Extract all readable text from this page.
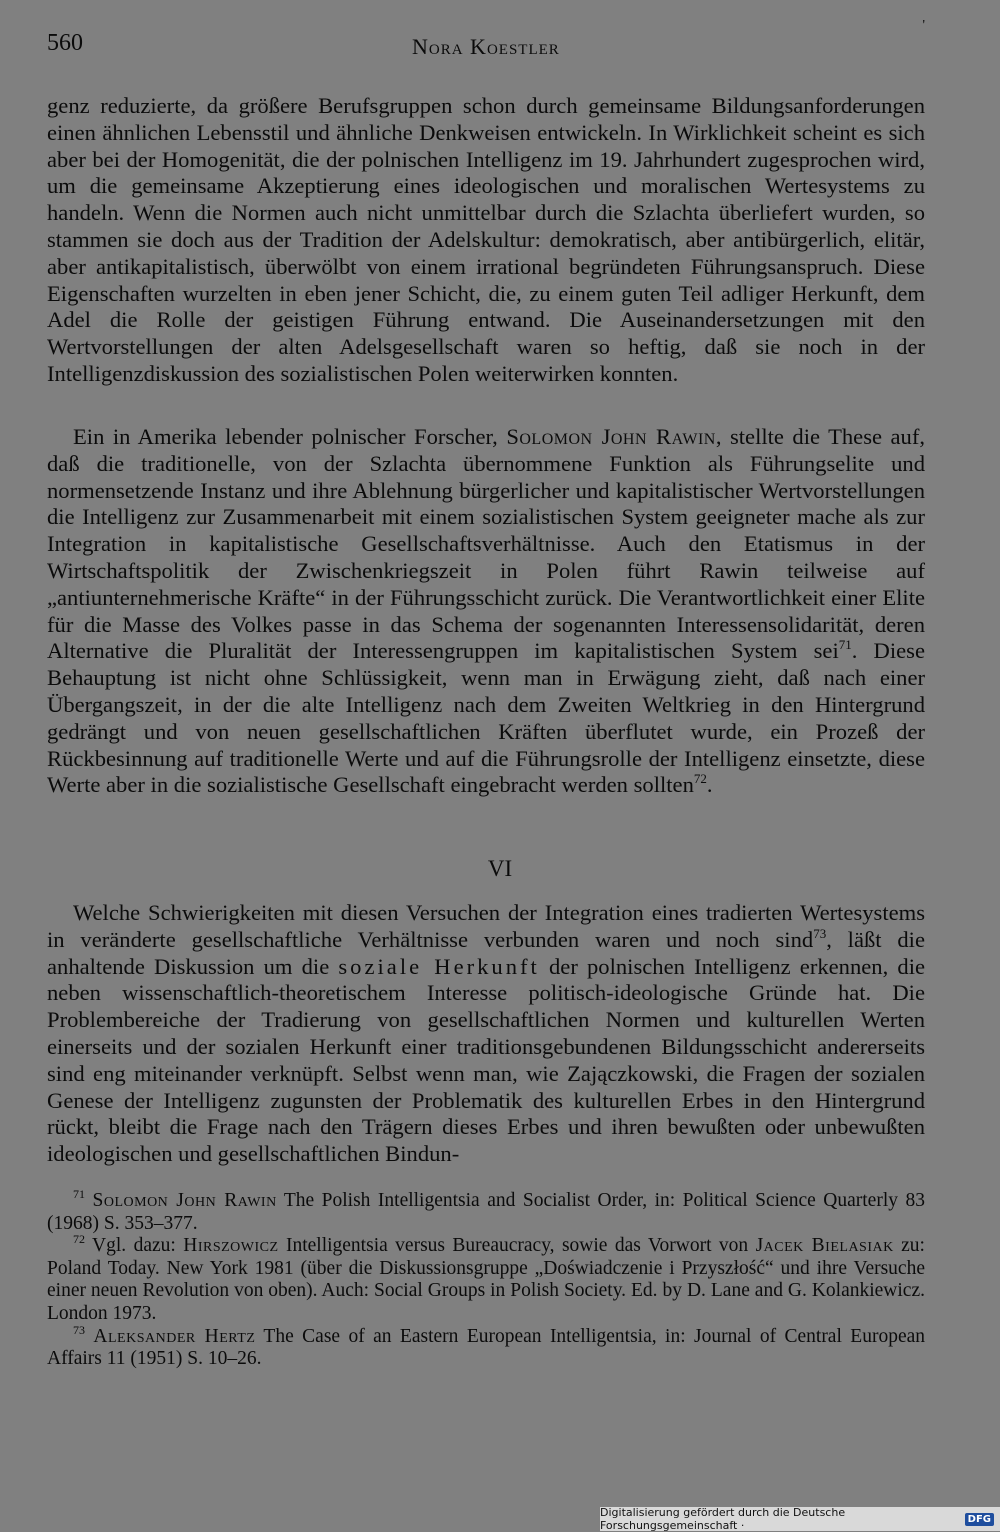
560	Nora Koestler
'

genz reduzierte, da größere Berufsgruppen schon durch gemeinsame Bildungsanforderungen einen ähnlichen Lebensstil und ähnliche Denkweisen entwickeln. In Wirklichkeit scheint es sich aber bei der Homogenität, die der polnischen Intelligenz im 19. Jahrhundert zugesprochen wird, um die gemeinsame Akzeptierung eines ideologischen und moralischen Wertesystems zu handeln. Wenn die Normen auch nicht unmittelbar durch die Szlachta überliefert wurden, so stammen sie doch aus der Tradition der Adelskultur: demokratisch, aber antibürgerlich, elitär, aber antikapitalistisch, überwölbt von einem irrational begründeten Führungsanspruch. Diese Eigenschaften wurzelten in eben jener Schicht, die, zu einem guten Teil adliger Herkunft, dem Adel die Rolle der geistigen Führung entwand. Die Auseinandersetzungen mit den Wertvorstellungen der alten Adelsgesellschaft waren so heftig, daß sie noch in der Intelligenzdiskussion des sozialistischen Polen weiterwirken konnten.

Ein in Amerika lebender polnischer Forscher, Solomon John Rawin, stellte die These auf, daß die traditionelle, von der Szlachta übernommene Funktion als Führungselite und normensetzende Instanz und ihre Ablehnung bürgerlicher und kapitalistischer Wertvorstellungen die Intelligenz zur Zusammenarbeit mit einem sozialistischen System geeigneter mache als zur Integration in kapitalistische Gesellschaftsverhältnisse. Auch den Etatismus in der Wirtschaftspolitik der Zwischenkriegszeit in Polen führt Rawin teilweise auf „antiunternehmerische Kräfte“ in der Führungsschicht zurück. Die Verantwortlichkeit einer Elite für die Masse des Volkes passe in das Schema der sogenannten Interessensolidarität, deren Alternative die Pluralität der Interessengruppen im kapitalistischen System sei$^{71}$. Diese Behauptung ist nicht ohne Schlüssigkeit, wenn man in Erwägung zieht, daß nach einer Übergangszeit, in der die alte Intelligenz nach dem Zweiten Weltkrieg in den Hintergrund gedrängt und von neuen gesellschaftlichen Kräften überflutet wurde, ein Prozeß der Rückbesinnung auf traditionelle Werte und auf die Führungsrolle der Intelligenz einsetzte, diese Werte aber in die sozialistische Gesellschaft eingebracht werden sollten$^{72}$.

VI

Welche Schwierigkeiten mit diesen Versuchen der Integration eines tradierten Wertesystems in veränderte gesellschaftliche Verhältnisse verbunden waren und noch sind$^{73}$, läßt die anhaltende Diskussion um die soziale Herkunft der polnischen Intelligenz erkennen, die neben wissenschaftlich-theoretischem Interesse politisch-ideologische Gründe hat. Die Problembereiche der Tradierung von gesellschaftlichen Normen und kulturellen Werten einerseits und der sozialen Herkunft einer traditionsgebundenen Bildungsschicht andererseits sind eng miteinander verknüpft. Selbst wenn man, wie Zajączkowski, die Fragen der sozialen Genese der Intelligenz zugunsten der Problematik des kulturellen Erbes in den Hintergrund rückt, bleibt die Frage nach den Trägern dieses Erbes und ihren bewußten oder unbewußten ideologischen und gesellschaftlichen Bindun-

$^{71}$ Solomon John Rawin The Polish Intelligentsia and Socialist Order, in: Political Science Quarterly 83 (1968) S. 353–377.

$^{72}$ Vgl. dazu: Hirszowicz Intelligentsia versus Bureaucracy, sowie das Vorwort von Jacek Bielasiak zu: Poland Today. New York 1981 (über die Diskussionsgruppe „Doświadczenie i Przyszłość“ und ihre Versuche einer neuen Revolution von oben). Auch: Social Groups in Polish Society. Ed. by D. Lane and G. Kolankiewicz. London 1973.

$^{73}$ Aleksander Hertz The Case of an Eastern European Intelligentsia, in: Journal of Central European Affairs 11 (1951) S. 10–26.

Digitalisierung gefördert durch die Deutsche Forschungsgemeinschaft ·	DFG
